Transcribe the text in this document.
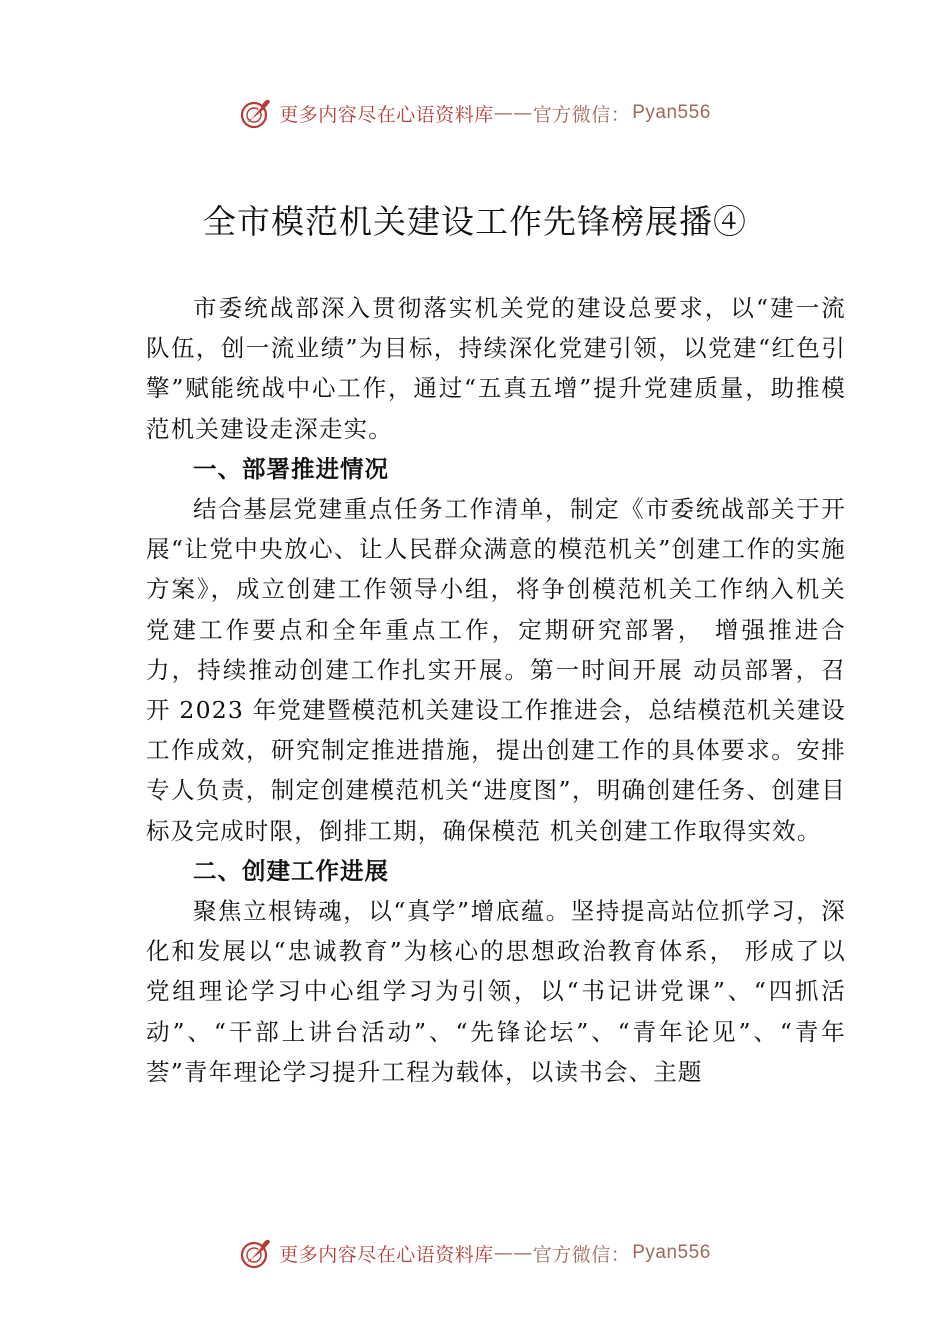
更多内容尽在心语资料库 —— 官方微信： Pyan556
全市模范机关建设工作先锋榜展播④

市委统战部深入贯彻落实机关党的建设总要求，以“建一流队伍，创一流业绩”为目标，持续深化党建引领，以党建“红色引擎”赋能统战中心工作，通过“五真五增”提升党建质量，助推模范机关建设走深走实。

一、部署推进情况

结合基层党建重点任务工作清单，制定《市委统战部关于开展“让党中央放心、让人民群众满意的模范机关”创建工作的实施方案》，成立创建工作领导小组，将争创模范机关工作纳入机关党建工作要点和全年重点工作，定期研究部署， 增强推进合力，持续推动创建工作扎实开展。第一时间开展 动员部署，召开 2023 年党建暨模范机关建设工作推进会，总结模范机关建设工作成效，研究制定推进措施，提出创建工作的具体要求。安排专人负责，制定创建模范机关“进度图”，明确创建任务、创建目标及完成时限，倒排工期，确保模范 机关创建工作取得实效。

二、创建工作进展

聚焦立根铸魂，以“真学”增底蕴。坚持提高站位抓学习，深化和发展以“忠诚教育”为核心的思想政治教育体系， 形成了以党组理论学习中心组学习为引领，以“书记讲党课”、“四抓活动”、“干部上讲台活动”、“先锋论坛”、“青年论见”、“青年荟”青年理论学习提升工程为载体，以读书会、主题

更多内容尽在心语资料库 —— 官方微信： Pyan556
